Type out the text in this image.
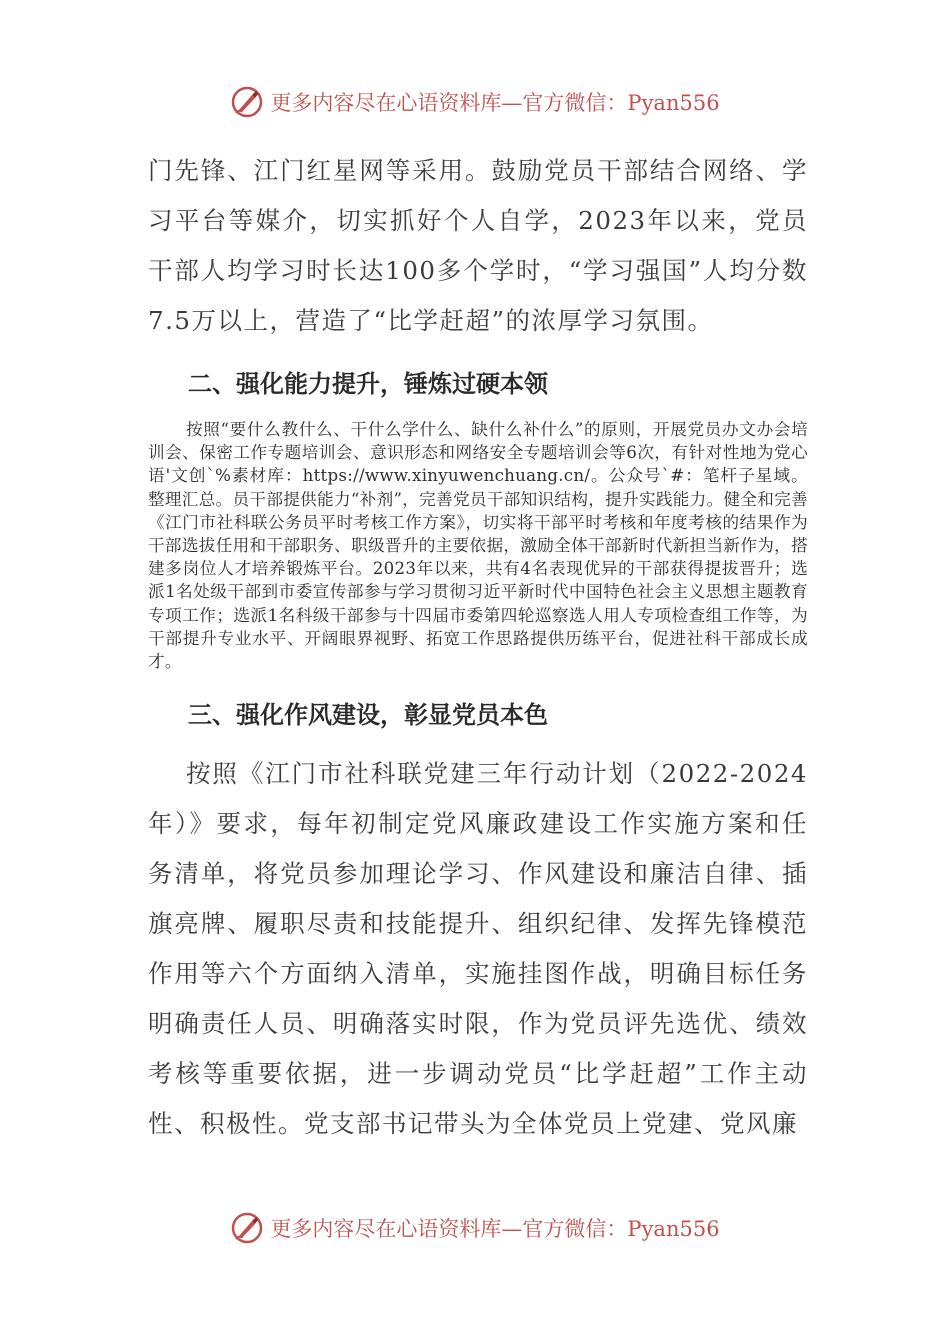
更多内容尽在心语资料库—官方微信：Pyan556

门先锋、江门红星网等采用。鼓励党员干部结合网络、学习平台等媒介，切实抓好个人自学，2023年以来，党员干部人均学习时长达100多个学时，“学习强国”人均分数7.5万以上，营造了“比学赶超”的浓厚学习氛围。

二、强化能力提升，锤炼过硬本领

按照“要什么教什么、干什么学什么、缺什么补什么”的原则，开展党员办文办会培训会、保密工作专题培训会、意识形态和网络安全专题培训会等6次，有针对性地为党心语'文创`%素材库：https://www.xinyuwenchuang.cn/。公众号`#：笔杆子星域。整理汇总。员干部提供能力“补剂”，完善党员干部知识结构，提升实践能力。健全和完善《江门市社科联公务员平时考核工作方案》，切实将干部平时考核和年度考核的结果作为干部选拔任用和干部职务、职级晋升的主要依据，激励全体干部新时代新担当新作为，搭建多岗位人才培养锻炼平台。2023年以来，共有4名表现优异的干部获得提拔晋升；选派1名处级干部到市委宣传部参与学习贯彻习近平新时代中国特色社会主义思想主题教育专项工作；选派1名科级干部参与十四届市委第四轮巡察选人用人专项检查组工作等，为干部提升专业水平、开阔眼界视野、拓宽工作思路提供历练平台，促进社科干部成长成才。

三、强化作风建设，彰显党员本色

按照《江门市社科联党建三年行动计划（2022-2024年）》要求，每年初制定党风廉政建设工作实施方案和任务清单，将党员参加理论学习、作风建设和廉洁自律、插旗亮牌、履职尽责和技能提升、组织纪律、发挥先锋模范作用等六个方面纳入清单，实施挂图作战，明确目标任务明确责任人员、明确落实时限，作为党员评先选优、绩效考核等重要依据，进一步调动党员“比学赶超”工作主动性、积极性。党支部书记带头为全体党员上党建、党风廉

更多内容尽在心语资料库—官方微信：Pyan556
